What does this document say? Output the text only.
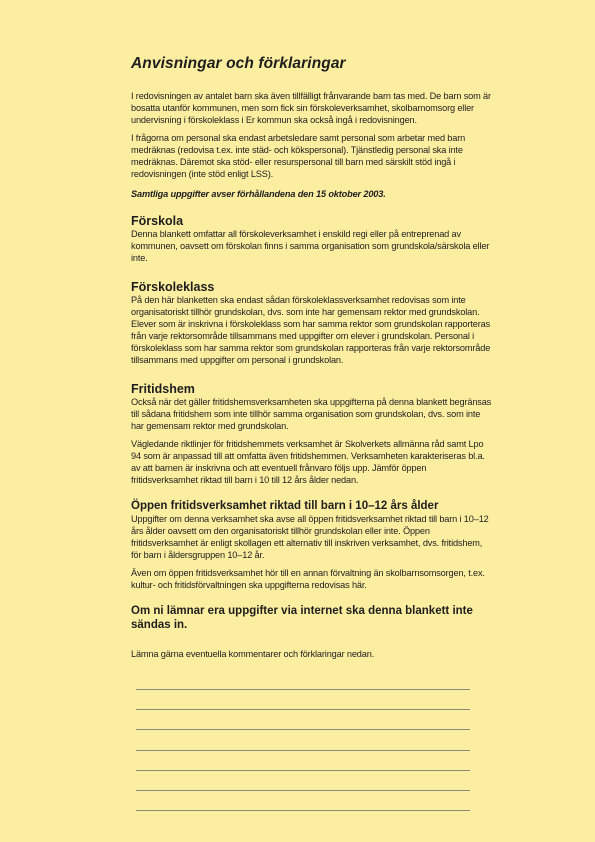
Anvisningar och förklaringar

I redovisningen av antalet barn ska även tillfälligt frånvarande barn tas med. De barn som är bosatta utanför kommunen, men som fick sin förskoleverksamhet, skolbarnomsorg eller undervisning i förskoleklass i Er kommun ska också ingå i redovisningen.

I frågorna om personal ska endast arbetsledare samt personal som arbetar med barn medräknas (redovisa t.ex. inte städ- och kökspersonal). Tjänstledig personal ska inte medräknas. Däremot ska stöd- eller resurspersonal till barn med särskilt stöd ingå i redovisningen (inte stöd enligt LSS).

Samtliga uppgifter avser förhållandena den 15 oktober 2003.

Förskola

Denna blankett omfattar all förskoleverksamhet i enskild regi eller på entreprenad av kommunen, oavsett om förskolan finns i samma organisation som grundskola/särskola eller inte.

Förskoleklass

På den här blanketten ska endast sådan förskoleklassverksamhet redovisas som inte organisatoriskt tillhör grundskolan, dvs. som inte har gemensam rektor med grundskolan. Elever som är inskrivna i förskoleklass som har samma rektor som grundskolan rapporteras från varje rektorsområde tillsammans med uppgifter om elever i grundskolan. Personal i förskoleklass som har samma rektor som grundskolan rapporteras från varje rektorsområde tillsammans med uppgifter om personal i grundskolan.

Fritidshem

Också när det gäller fritidshemsverksamheten ska uppgifterna på denna blankett begränsas till sådana fritidshem som inte tillhör samma organisation som grundskolan, dvs. som inte har gemensam rektor med grundskolan.

Vägledande riktlinjer för fritidshemmets verksamhet är Skolverkets allmänna råd samt Lpo 94 som är anpassad till att omfatta även fritidshemmen. Verksamheten karakteriseras bl.a. av att barnen är inskrivna och att eventuell frånvaro följs upp. Jämför öppen fritidsverksamhet riktad till barn i 10 till 12 års ålder nedan.

Öppen fritidsverksamhet riktad till barn i 10–12 års ålder

Uppgifter om denna verksamhet ska avse all öppen fritidsverksamhet riktad till barn i 10–12 års ålder oavsett om den organisatoriskt tillhör grundskolan eller inte. Öppen fritidsverksamhet är enligt skollagen ett alternativ till inskriven verksamhet, dvs. fritidshem, för barn i åldersgruppen 10–12 år.

Även om öppen fritidsverksamhet hör till en annan förvaltning än skolbarnsomsorgen, t.ex. kultur- och fritidsförvaltningen ska uppgifterna redovisas här.

Om ni lämnar era uppgifter via internet ska denna blankett inte sändas in.

Lämna gärna eventuella kommentarer och förklaringar nedan.
